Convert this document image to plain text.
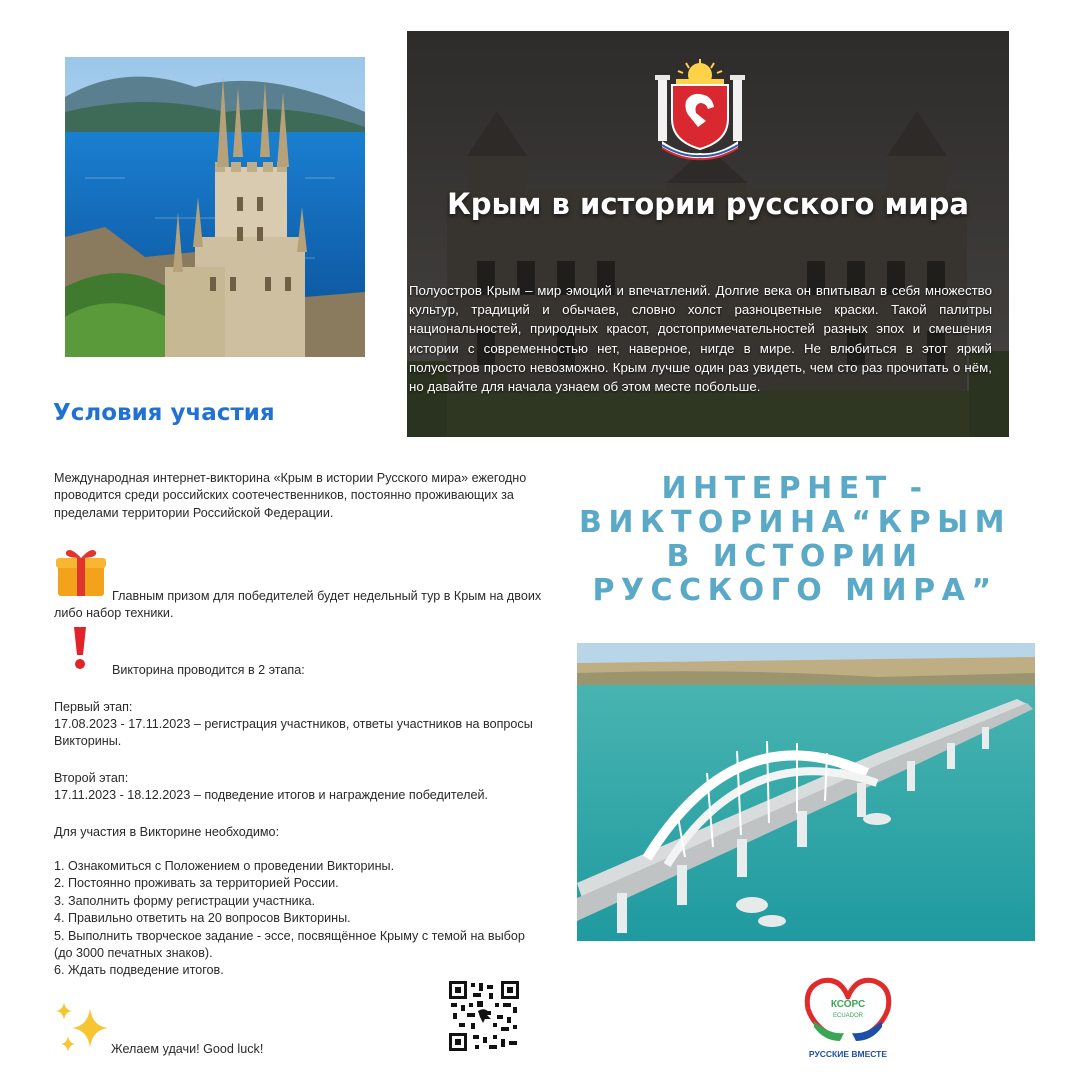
Крым в истории русского мира
Полуостров Крым – мир эмоций и впечатлений. Долгие века он впитывал в себя множество культур, традиций и обычаев, словно холст разноцветные краски. Такой палитры национальностей, природных красот, достопримечательностей разных эпох и смешения истории с современностью нет, наверное, нигде в мире. Не влюбиться в этот яркий полуостров просто невозможно. Крым лучше один раз увидеть, чем сто раз прочитать о нём, но давайте для начала узнаем об этом месте побольше.
Условия участия
Международная интернет-викторина «Крым в истории Русского мира» ежегодно проводится среди российских соотечественников, постоянно проживающих за пределами территории Российской Федерации.
Главным призом для победителей будет недельный тур в Крым на двоих либо набор техники.
Викторина проводится в 2 этапа:
Первый этап:
17.08.2023 - 17.11.2023 – регистрация участников, ответы участников на вопросы Викторины.
Второй этап:
17.11.2023 - 18.12.2023 – подведение итогов и награждение победителей.
Для участия в Викторине необходимо:
1. Ознакомиться с Положением о проведении Викторины.
2. Постоянно проживать за территорией России.
3. Заполнить форму регистрации участника.
4. Правильно ответить на 20 вопросов Викторины.
5. Выполнить творческое задание - эссе, посвящённое Крыму с темой на выбор (до 3000 печатных знаков).
6. Ждать подведение итогов.
Желаем удачи! Good luck!
ИНТЕРНЕТ - ВИКТОРИНА“КРЫМ В ИСТОРИИ РУССКОГО МИРА”
КСОРС
ECUADOR
РУССКИЕ ВМЕСТЕ
